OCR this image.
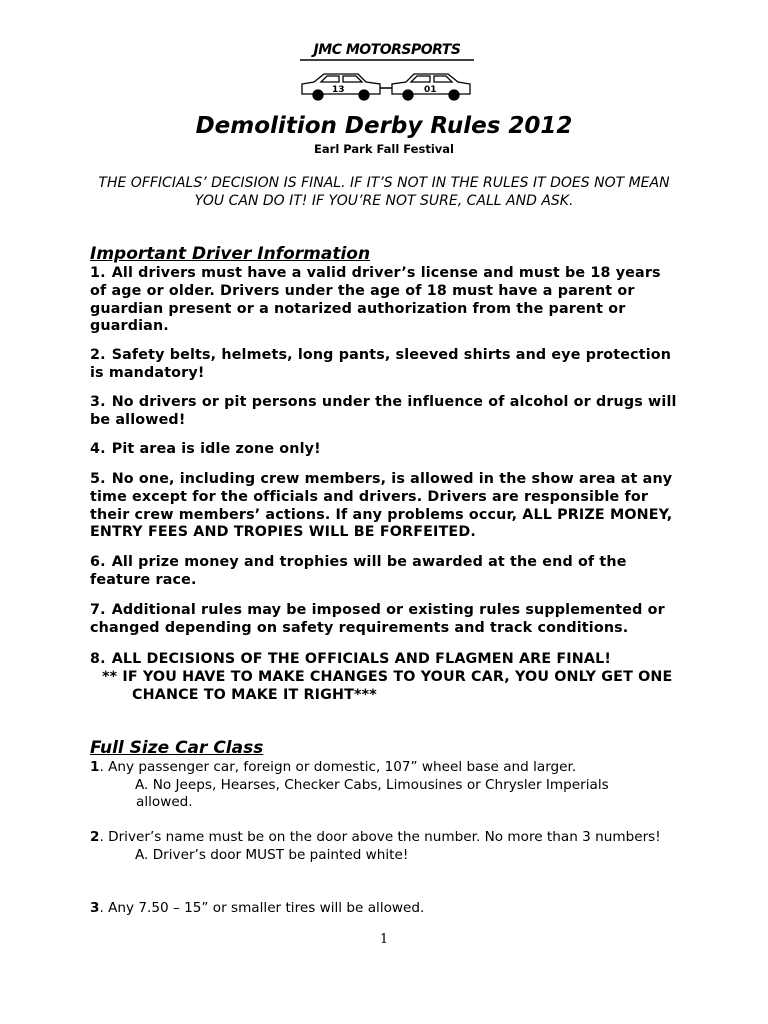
JMC MOTORSPORTS
13	01
Demolition Derby Rules 2012
Earl Park Fall Festival
THE OFFICIALS’ DECISION IS FINAL. IF IT’S NOT IN THE RULES IT DOES NOT MEAN YOU CAN DO IT! IF YOU’RE NOT SURE, CALL AND ASK.
Important Driver Information
1. All drivers must have a valid driver’s license and must be 18 years of age or older. Drivers under the age of 18 must have a parent or guardian present or a notarized authorization from the parent or guardian.
2. Safety belts, helmets, long pants, sleeved shirts and eye protection is mandatory!
3. No drivers or pit persons under the influence of alcohol or drugs will be allowed!
4. Pit area is idle zone only!
5. No one, including crew members, is allowed in the show area at any time except for the officials and drivers. Drivers are responsible for their crew members’ actions. If any problems occur, ALL PRIZE MONEY, ENTRY FEES AND TROPIES WILL BE FORFEITED.
6. All prize money and trophies will be awarded at the end of the feature race.
7. Additional rules may be imposed or existing rules supplemented or changed depending on safety requirements and track conditions.
8. ALL DECISIONS OF THE OFFICIALS AND FLAGMEN ARE FINAL!
** IF YOU HAVE TO MAKE CHANGES TO YOUR CAR, YOU ONLY GET ONE
CHANCE TO MAKE IT RIGHT***
Full Size Car Class
1. Any passenger car, foreign or domestic, 107” wheel base and larger.
A. No Jeeps, Hearses, Checker Cabs, Limousines or Chrysler Imperials
allowed.
2. Driver’s name must be on the door above the number. No more than 3 numbers!
A. Driver’s door MUST be painted white!
3. Any 7.50 – 15” or smaller tires will be allowed.
1
